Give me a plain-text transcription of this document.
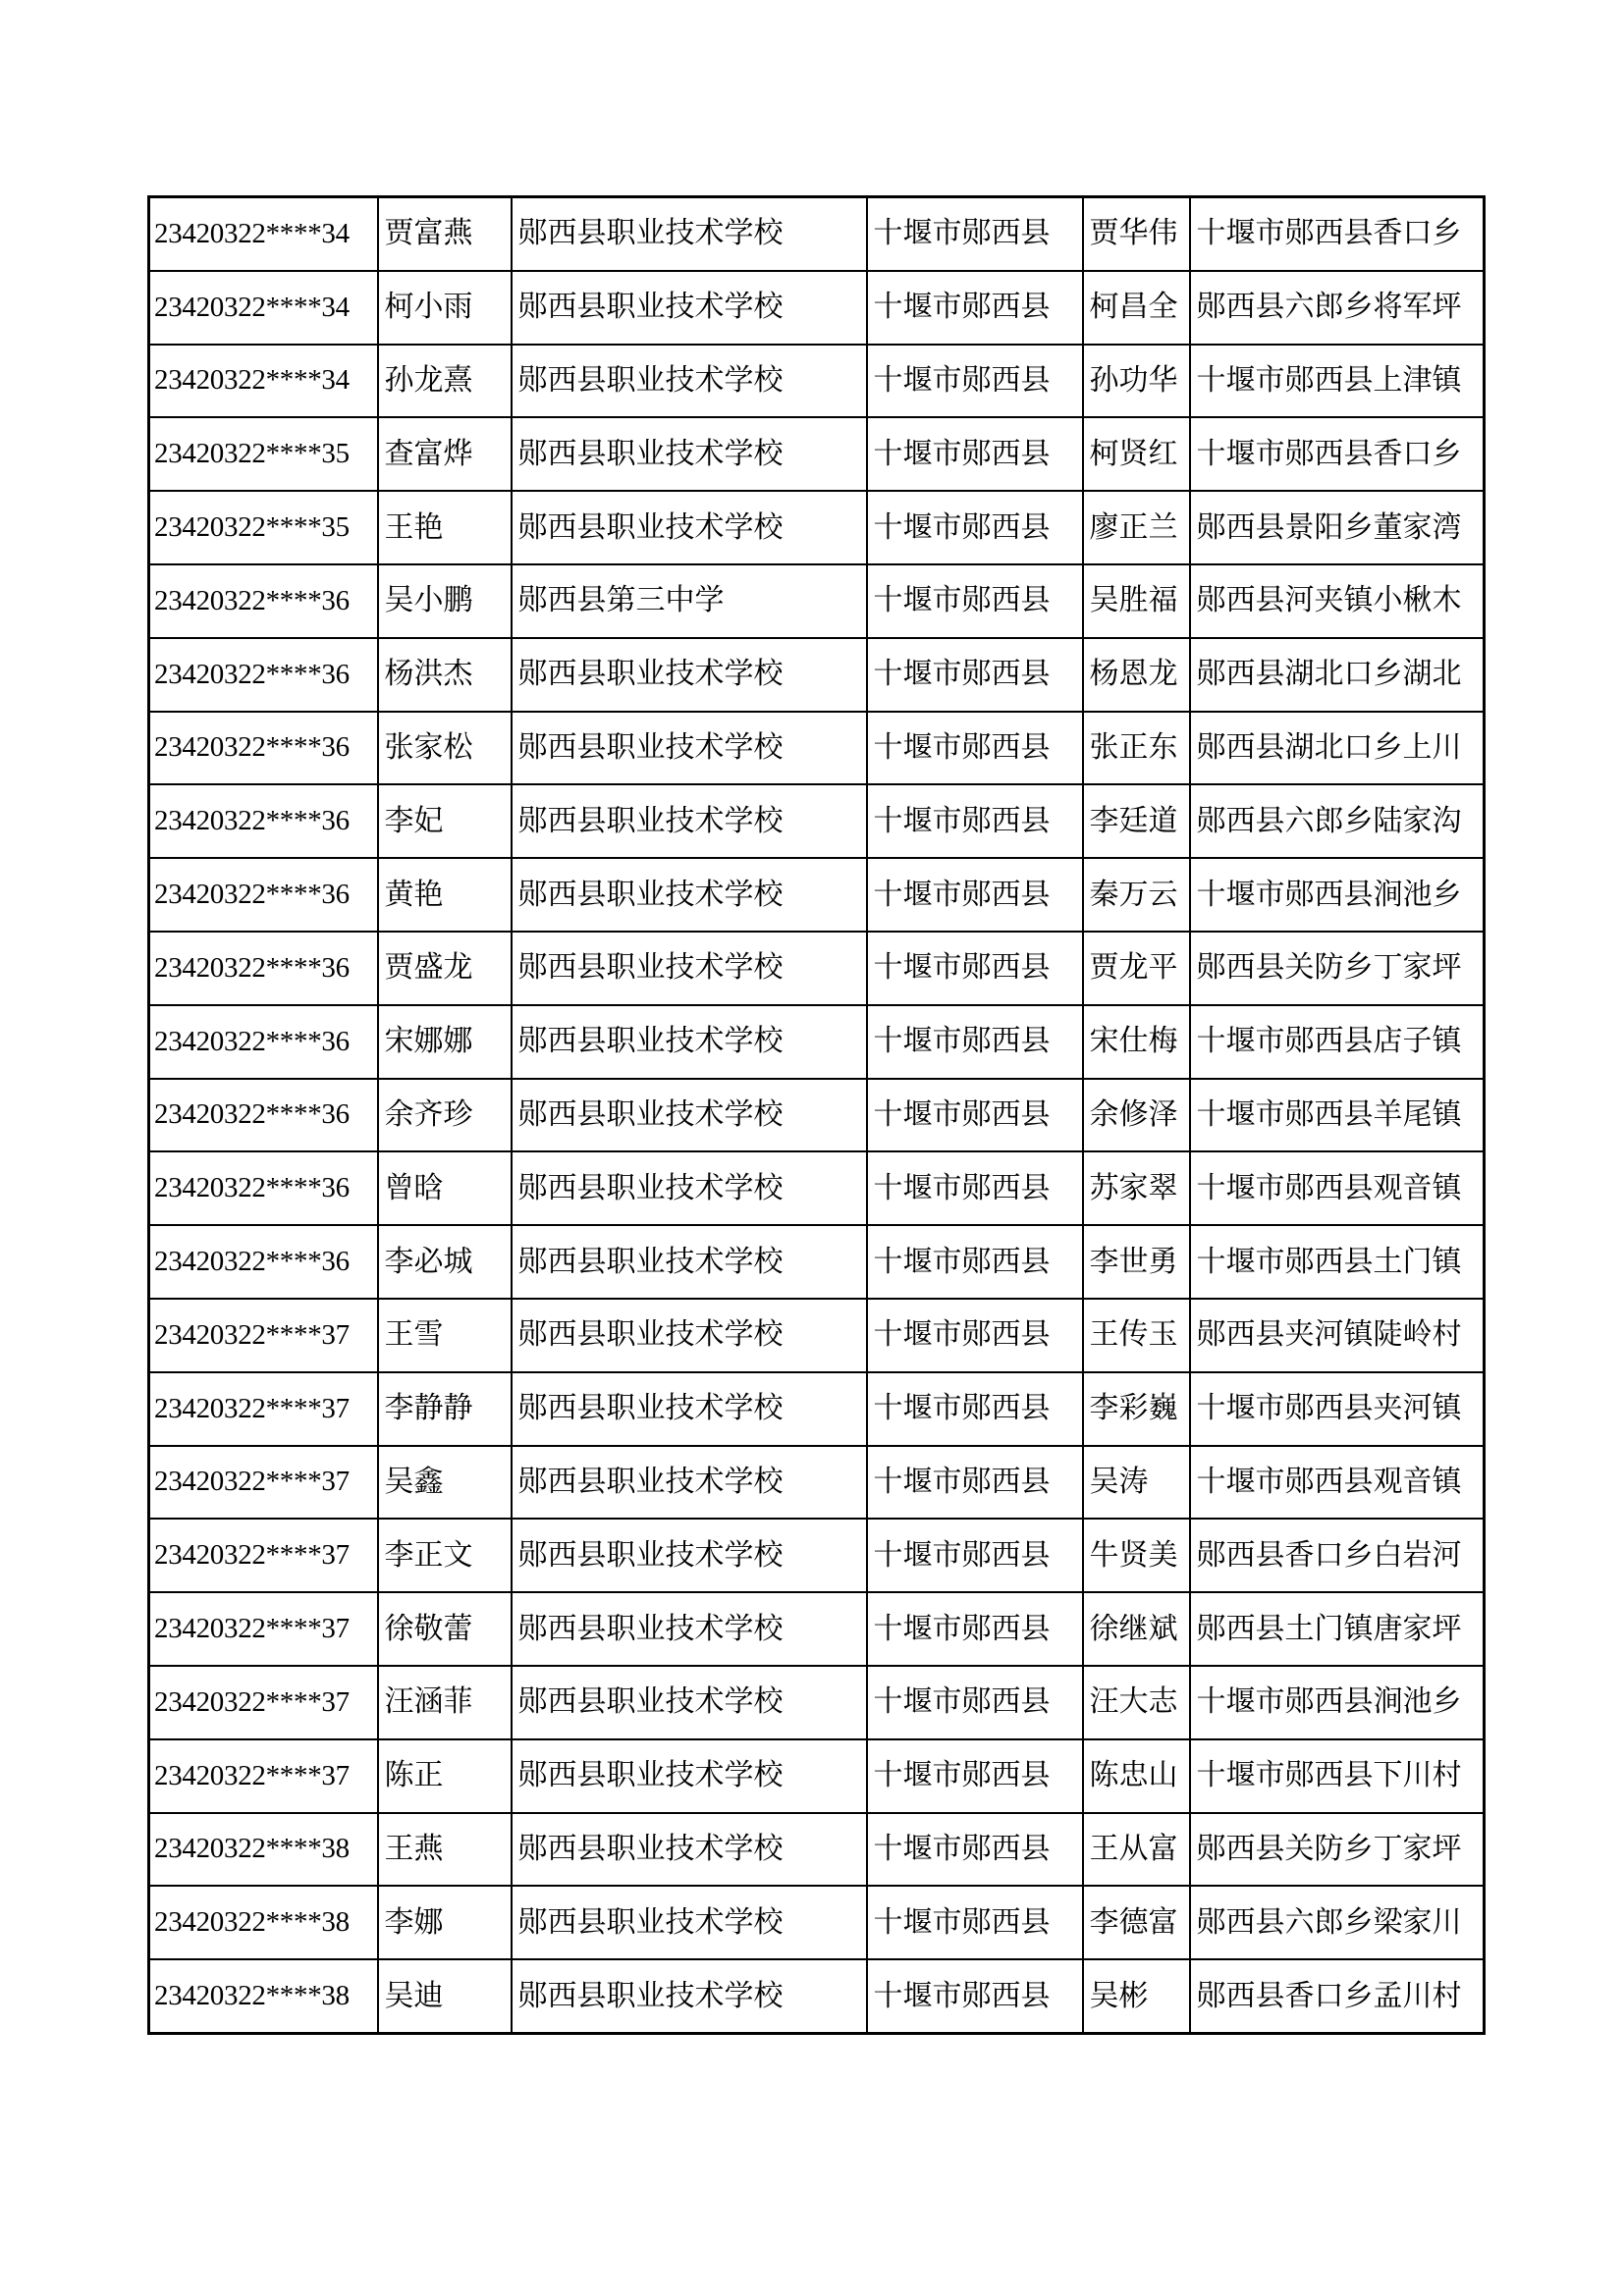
23420322****34	贾富燕	郧西县职业技术学校	十堰市郧西县	贾华伟	十堰市郧西县香口乡
23420322****34	柯小雨	郧西县职业技术学校	十堰市郧西县	柯昌全	郧西县六郎乡将军坪
23420322****34	孙龙熹	郧西县职业技术学校	十堰市郧西县	孙功华	十堰市郧西县上津镇
23420322****35	查富烨	郧西县职业技术学校	十堰市郧西县	柯贤红	十堰市郧西县香口乡
23420322****35	王艳	郧西县职业技术学校	十堰市郧西县	廖正兰	郧西县景阳乡董家湾
23420322****36	吴小鹏	郧西县第三中学	十堰市郧西县	吴胜福	郧西县河夹镇小楸木
23420322****36	杨洪杰	郧西县职业技术学校	十堰市郧西县	杨恩龙	郧西县湖北口乡湖北
23420322****36	张家松	郧西县职业技术学校	十堰市郧西县	张正东	郧西县湖北口乡上川
23420322****36	李妃	郧西县职业技术学校	十堰市郧西县	李廷道	郧西县六郎乡陆家沟
23420322****36	黄艳	郧西县职业技术学校	十堰市郧西县	秦万云	十堰市郧西县涧池乡
23420322****36	贾盛龙	郧西县职业技术学校	十堰市郧西县	贾龙平	郧西县关防乡丁家坪
23420322****36	宋娜娜	郧西县职业技术学校	十堰市郧西县	宋仕梅	十堰市郧西县店子镇
23420322****36	余齐珍	郧西县职业技术学校	十堰市郧西县	余修泽	十堰市郧西县羊尾镇
23420322****36	曾晗	郧西县职业技术学校	十堰市郧西县	苏家翠	十堰市郧西县观音镇
23420322****36	李必城	郧西县职业技术学校	十堰市郧西县	李世勇	十堰市郧西县土门镇
23420322****37	王雪	郧西县职业技术学校	十堰市郧西县	王传玉	郧西县夹河镇陡岭村
23420322****37	李静静	郧西县职业技术学校	十堰市郧西县	李彩巍	十堰市郧西县夹河镇
23420322****37	吴鑫	郧西县职业技术学校	十堰市郧西县	吴涛	十堰市郧西县观音镇
23420322****37	李正文	郧西县职业技术学校	十堰市郧西县	牛贤美	郧西县香口乡白岩河
23420322****37	徐敬蕾	郧西县职业技术学校	十堰市郧西县	徐继斌	郧西县土门镇唐家坪
23420322****37	汪涵菲	郧西县职业技术学校	十堰市郧西县	汪大志	十堰市郧西县涧池乡
23420322****37	陈正	郧西县职业技术学校	十堰市郧西县	陈忠山	十堰市郧西县下川村
23420322****38	王燕	郧西县职业技术学校	十堰市郧西县	王从富	郧西县关防乡丁家坪
23420322****38	李娜	郧西县职业技术学校	十堰市郧西县	李德富	郧西县六郎乡梁家川
23420322****38	吴迪	郧西县职业技术学校	十堰市郧西县	吴彬	郧西县香口乡孟川村
